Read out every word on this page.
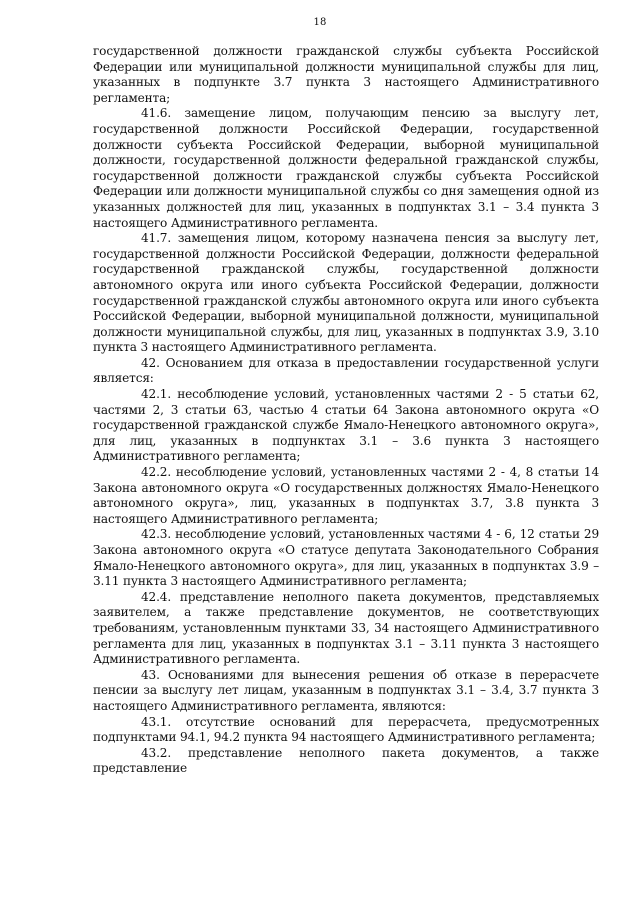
18

государственной должности гражданской службы субъекта Российской Федерации или муниципальной должности муниципальной службы для лиц, указанных в подпункте 3.7 пункта 3 настоящего Административного регламента;

41.6. замещение лицом, получающим пенсию за выслугу лет, государственной должности Российской Федерации, государственной должности субъекта Российской Федерации, выборной муниципальной должности, государственной должности федеральной гражданской службы, государственной должности гражданской службы субъекта Российской Федерации или должности муниципальной службы со дня замещения одной из указанных должностей для лиц, указанных в подпунктах 3.1 – 3.4 пункта 3 настоящего Административного регламента.

41.7. замещения лицом, которому назначена пенсия за выслугу лет, государственной должности Российской Федерации, должности федеральной государственной гражданской службы, государственной должности автономного округа или иного субъекта Российской Федерации, должности государственной гражданской службы автономного округа или иного субъекта Российской Федерации, выборной муниципальной должности, муниципальной должности муниципальной службы, для лиц, указанных в подпунктах 3.9, 3.10 пункта 3 настоящего Административного регламента.

42. Основанием для отказа в предоставлении государственной услуги является:

42.1. несоблюдение условий, установленных частями 2 - 5 статьи 62, частями 2, 3 статьи 63, частью 4 статьи 64 Закона автономного округа «О государственной гражданской службе Ямало-Ненецкого автономного округа», для лиц, указанных в подпунктах 3.1 – 3.6 пункта 3 настоящего Административного регламента;

42.2. несоблюдение условий, установленных частями 2 - 4, 8 статьи 14 Закона автономного округа «О государственных должностях Ямало-Ненецкого автономного округа», лиц, указанных в подпунктах 3.7, 3.8 пункта 3 настоящего Административного регламента;

42.3. несоблюдение условий, установленных частями 4 - 6, 12 статьи 29 Закона автономного округа «О статусе депутата Законодательного Собрания Ямало-Ненецкого автономного округа», для лиц, указанных в подпунктах 3.9 – 3.11 пункта 3 настоящего Административного регламента;

42.4. представление неполного пакета документов, представляемых заявителем, а также представление документов, не соответствующих требованиям, установленным пунктами 33, 34 настоящего Административного регламента для лиц, указанных в подпунктах 3.1 – 3.11 пункта 3 настоящего Административного регламента.

43. Основаниями для вынесения решения об отказе в перерасчете пенсии за выслугу лет лицам, указанным в подпунктах 3.1 – 3.4, 3.7 пункта 3 настоящего Административного регламента, являются:

43.1. отсутствие оснований для перерасчета, предусмотренных подпунктами 94.1, 94.2 пункта 94 настоящего Административного регламента;

43.2. представление неполного пакета документов, а также представление
